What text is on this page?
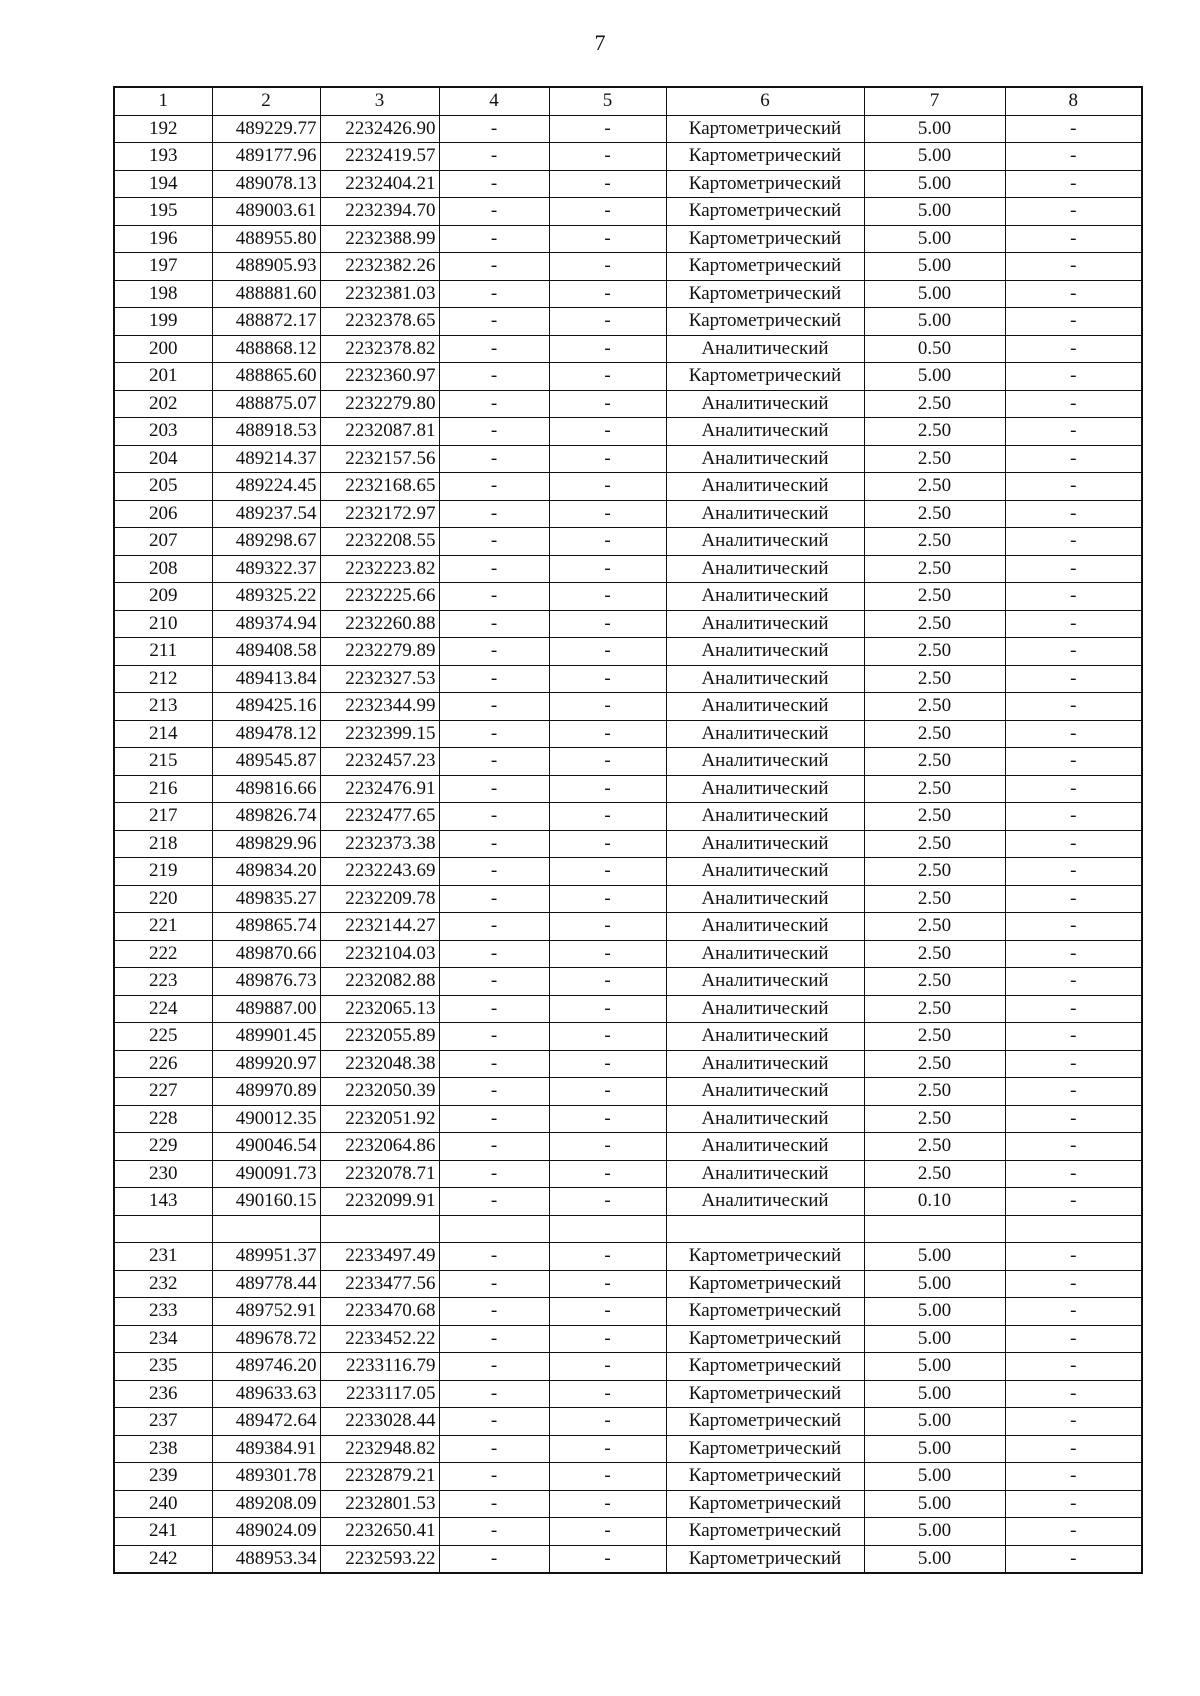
7
1	2	3	4	5	6	7	8
192	489229.77	2232426.90	-	-	Картометрический	5.00	-
193	489177.96	2232419.57	-	-	Картометрический	5.00	-
194	489078.13	2232404.21	-	-	Картометрический	5.00	-
195	489003.61	2232394.70	-	-	Картометрический	5.00	-
196	488955.80	2232388.99	-	-	Картометрический	5.00	-
197	488905.93	2232382.26	-	-	Картометрический	5.00	-
198	488881.60	2232381.03	-	-	Картометрический	5.00	-
199	488872.17	2232378.65	-	-	Картометрический	5.00	-
200	488868.12	2232378.82	-	-	Аналитический	0.50	-
201	488865.60	2232360.97	-	-	Картометрический	5.00	-
202	488875.07	2232279.80	-	-	Аналитический	2.50	-
203	488918.53	2232087.81	-	-	Аналитический	2.50	-
204	489214.37	2232157.56	-	-	Аналитический	2.50	-
205	489224.45	2232168.65	-	-	Аналитический	2.50	-
206	489237.54	2232172.97	-	-	Аналитический	2.50	-
207	489298.67	2232208.55	-	-	Аналитический	2.50	-
208	489322.37	2232223.82	-	-	Аналитический	2.50	-
209	489325.22	2232225.66	-	-	Аналитический	2.50	-
210	489374.94	2232260.88	-	-	Аналитический	2.50	-
211	489408.58	2232279.89	-	-	Аналитический	2.50	-
212	489413.84	2232327.53	-	-	Аналитический	2.50	-
213	489425.16	2232344.99	-	-	Аналитический	2.50	-
214	489478.12	2232399.15	-	-	Аналитический	2.50	-
215	489545.87	2232457.23	-	-	Аналитический	2.50	-
216	489816.66	2232476.91	-	-	Аналитический	2.50	-
217	489826.74	2232477.65	-	-	Аналитический	2.50	-
218	489829.96	2232373.38	-	-	Аналитический	2.50	-
219	489834.20	2232243.69	-	-	Аналитический	2.50	-
220	489835.27	2232209.78	-	-	Аналитический	2.50	-
221	489865.74	2232144.27	-	-	Аналитический	2.50	-
222	489870.66	2232104.03	-	-	Аналитический	2.50	-
223	489876.73	2232082.88	-	-	Аналитический	2.50	-
224	489887.00	2232065.13	-	-	Аналитический	2.50	-
225	489901.45	2232055.89	-	-	Аналитический	2.50	-
226	489920.97	2232048.38	-	-	Аналитический	2.50	-
227	489970.89	2232050.39	-	-	Аналитический	2.50	-
228	490012.35	2232051.92	-	-	Аналитический	2.50	-
229	490046.54	2232064.86	-	-	Аналитический	2.50	-
230	490091.73	2232078.71	-	-	Аналитический	2.50	-
143	490160.15	2232099.91	-	-	Аналитический	0.10	-

231	489951.37	2233497.49	-	-	Картометрический	5.00	-
232	489778.44	2233477.56	-	-	Картометрический	5.00	-
233	489752.91	2233470.68	-	-	Картометрический	5.00	-
234	489678.72	2233452.22	-	-	Картометрический	5.00	-
235	489746.20	2233116.79	-	-	Картометрический	5.00	-
236	489633.63	2233117.05	-	-	Картометрический	5.00	-
237	489472.64	2233028.44	-	-	Картометрический	5.00	-
238	489384.91	2232948.82	-	-	Картометрический	5.00	-
239	489301.78	2232879.21	-	-	Картометрический	5.00	-
240	489208.09	2232801.53	-	-	Картометрический	5.00	-
241	489024.09	2232650.41	-	-	Картометрический	5.00	-
242	488953.34	2232593.22	-	-	Картометрический	5.00	-
